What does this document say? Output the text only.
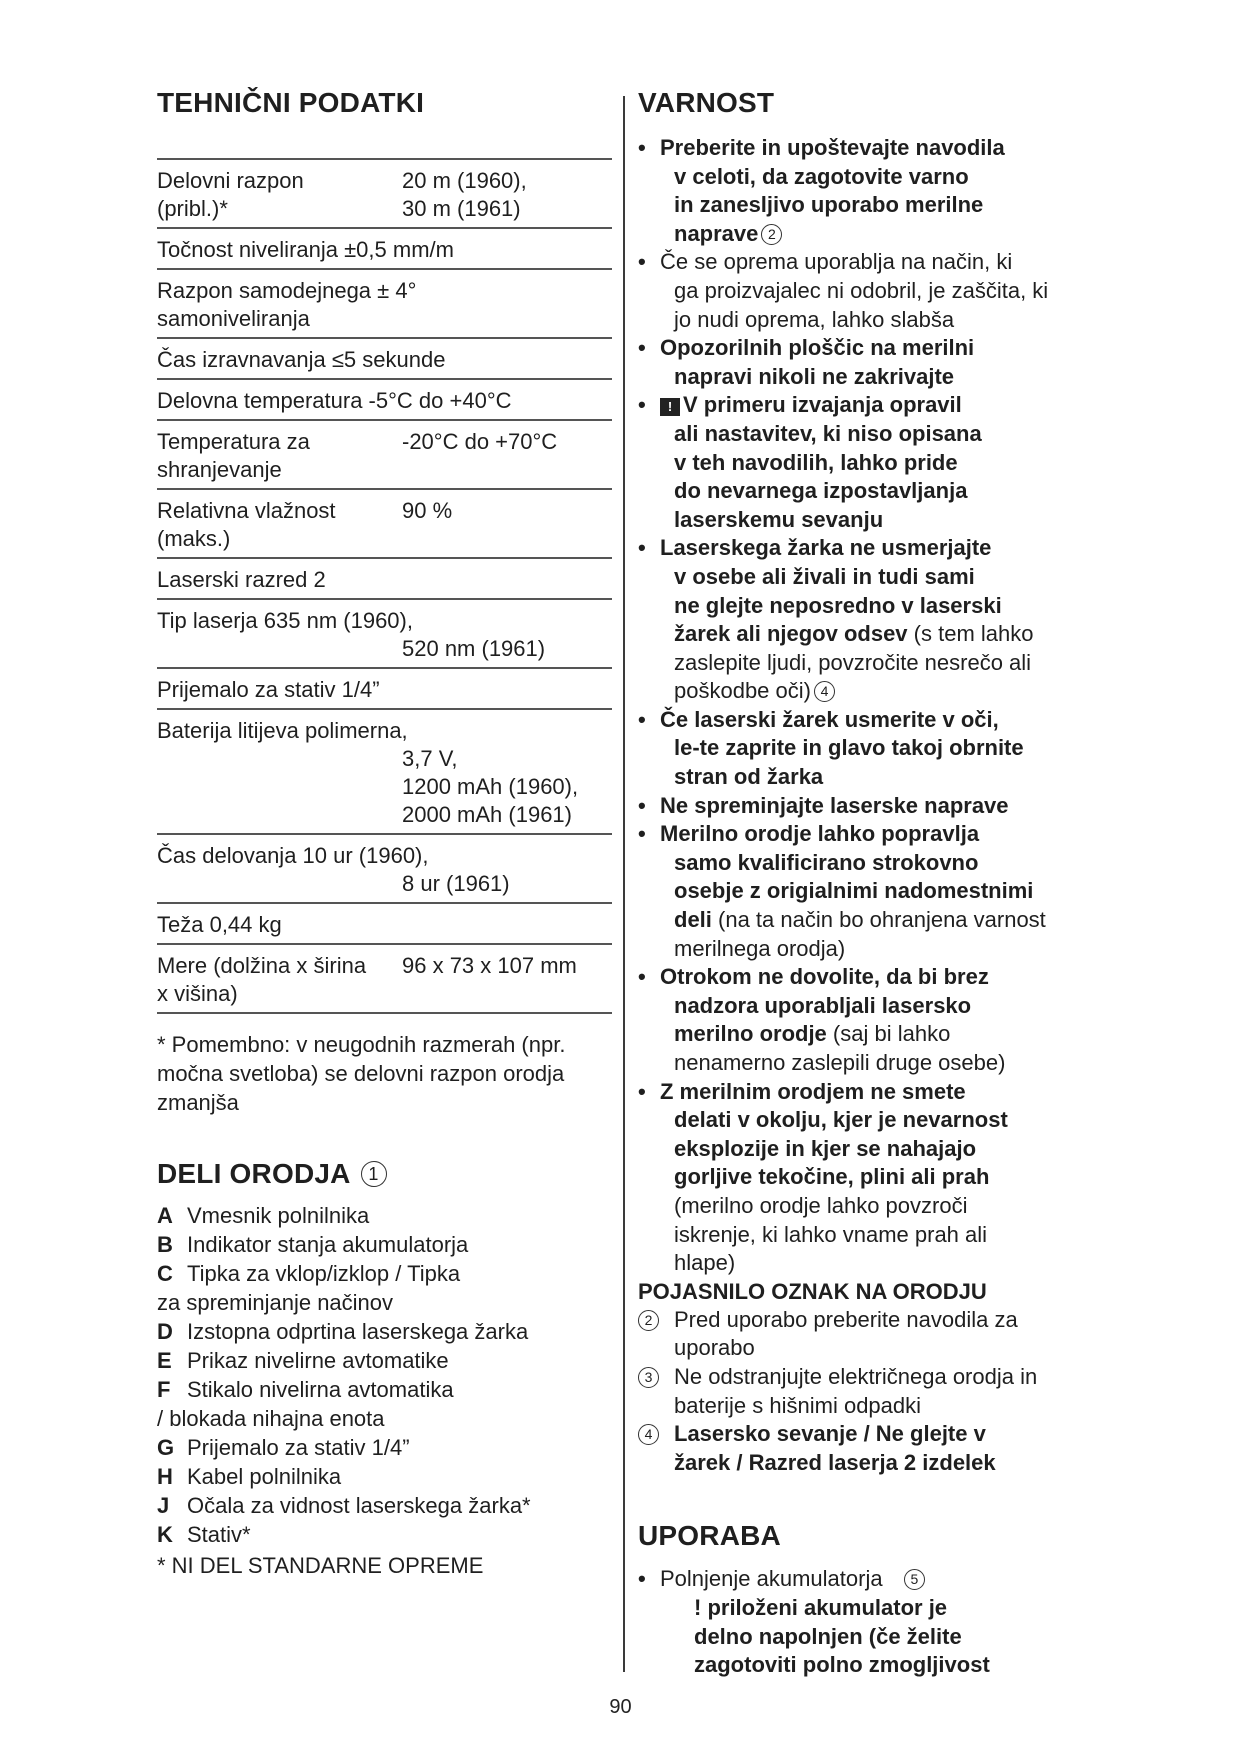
TEHNIČNI PODATKI
Delovni razpon
(pribl.)*
20 m (1960),
30 m (1961)
Točnost niveliranja ±0,5 mm/m
Razpon samodejnega ± 4°
samoniveliranja
Čas izravnavanja ≤5 sekunde
Delovna temperatura -5°C do +40°C
Temperatura za
shranjevanje
-20°C do +70°C
Relativna vlažnost
(maks.)
90 %
Laserski razred 2
Tip laserja 635 nm (1960),
520 nm (1961)
Prijemalo za stativ 1/4”
Baterija litijeva polimerna,
3,7 V,
1200 mAh (1960),
2000 mAh (1961)
Čas delovanja 10 ur (1960),
8 ur (1961)
Teža 0,44 kg
Mere (dolžina x širina
x višina)
96 x 73 x 107 mm
* Pomembno: v neugodnih razmerah (npr. močna svetloba) se delovni razpon orodja zmanjša
DELI ORODJA 1
A Vmesnik polnilnika
B Indikator stanja akumulatorja
C Tipka za vklop/izklop / Tipka
za spreminjanje načinov
D Izstopna odprtina laserskega žarka
E Prikaz nivelirne avtomatike
F Stikalo nivelirna avtomatika
/ blokada nihajna enota
G Prijemalo za stativ 1/4”
H Kabel polnilnika
J Očala za vidnost laserskega žarka*
K Stativ*
* NI DEL STANDARNE OPREME
VARNOST
• Preberite in upoštevajte navodila
v celoti, da zagotovite varno
in zanesljivo uporabo merilne
naprave 2
• Če se oprema uporablja na način, ki
ga proizvajalec ni odobril, je zaščita, ki
jo nudi oprema, lahko slabša
• Opozorilnih ploščic na merilni
napravi nikoli ne zakrivajte
• ! V primeru izvajanja opravil
ali nastavitev, ki niso opisana
v teh navodilih, lahko pride
do nevarnega izpostavljanja
laserskemu sevanju
• Laserskega žarka ne usmerjajte
v osebe ali živali in tudi sami
ne glejte neposredno v laserski
žarek ali njegov odsev (s tem lahko
zaslepite ljudi, povzročite nesrečo ali
poškodbe oči) 4
• Če laserski žarek usmerite v oči,
le-te zaprite in glavo takoj obrnite
stran od žarka
• Ne spreminjajte laserske naprave
• Merilno orodje lahko popravlja
samo kvalificirano strokovno
osebje z origialnimi nadomestnimi
deli (na ta način bo ohranjena varnost
merilnega orodja)
• Otrokom ne dovolite, da bi brez
nadzora uporabljali lasersko
merilno orodje (saj bi lahko
nenamerno zaslepili druge osebe)
• Z merilnim orodjem ne smete
delati v okolju, kjer je nevarnost
eksplozije in kjer se nahajajo
gorljive tekočine, plini ali prah
(merilno orodje lahko povzroči
iskrenje, ki lahko vname prah ali
hlape)
POJASNILO OZNAK NA ORODJU
2 Pred uporabo preberite navodila za
uporabo
3 Ne odstranjujte električnega orodja in
baterije s hišnimi odpadki
4 Lasersko sevanje / Ne glejte v
žarek / Razred laserja 2 izdelek
UPORABA
• Polnjenje akumulatorja 5
! priloženi akumulator je
delno napolnjen (če želite
zagotoviti polno zmogljivost
90
